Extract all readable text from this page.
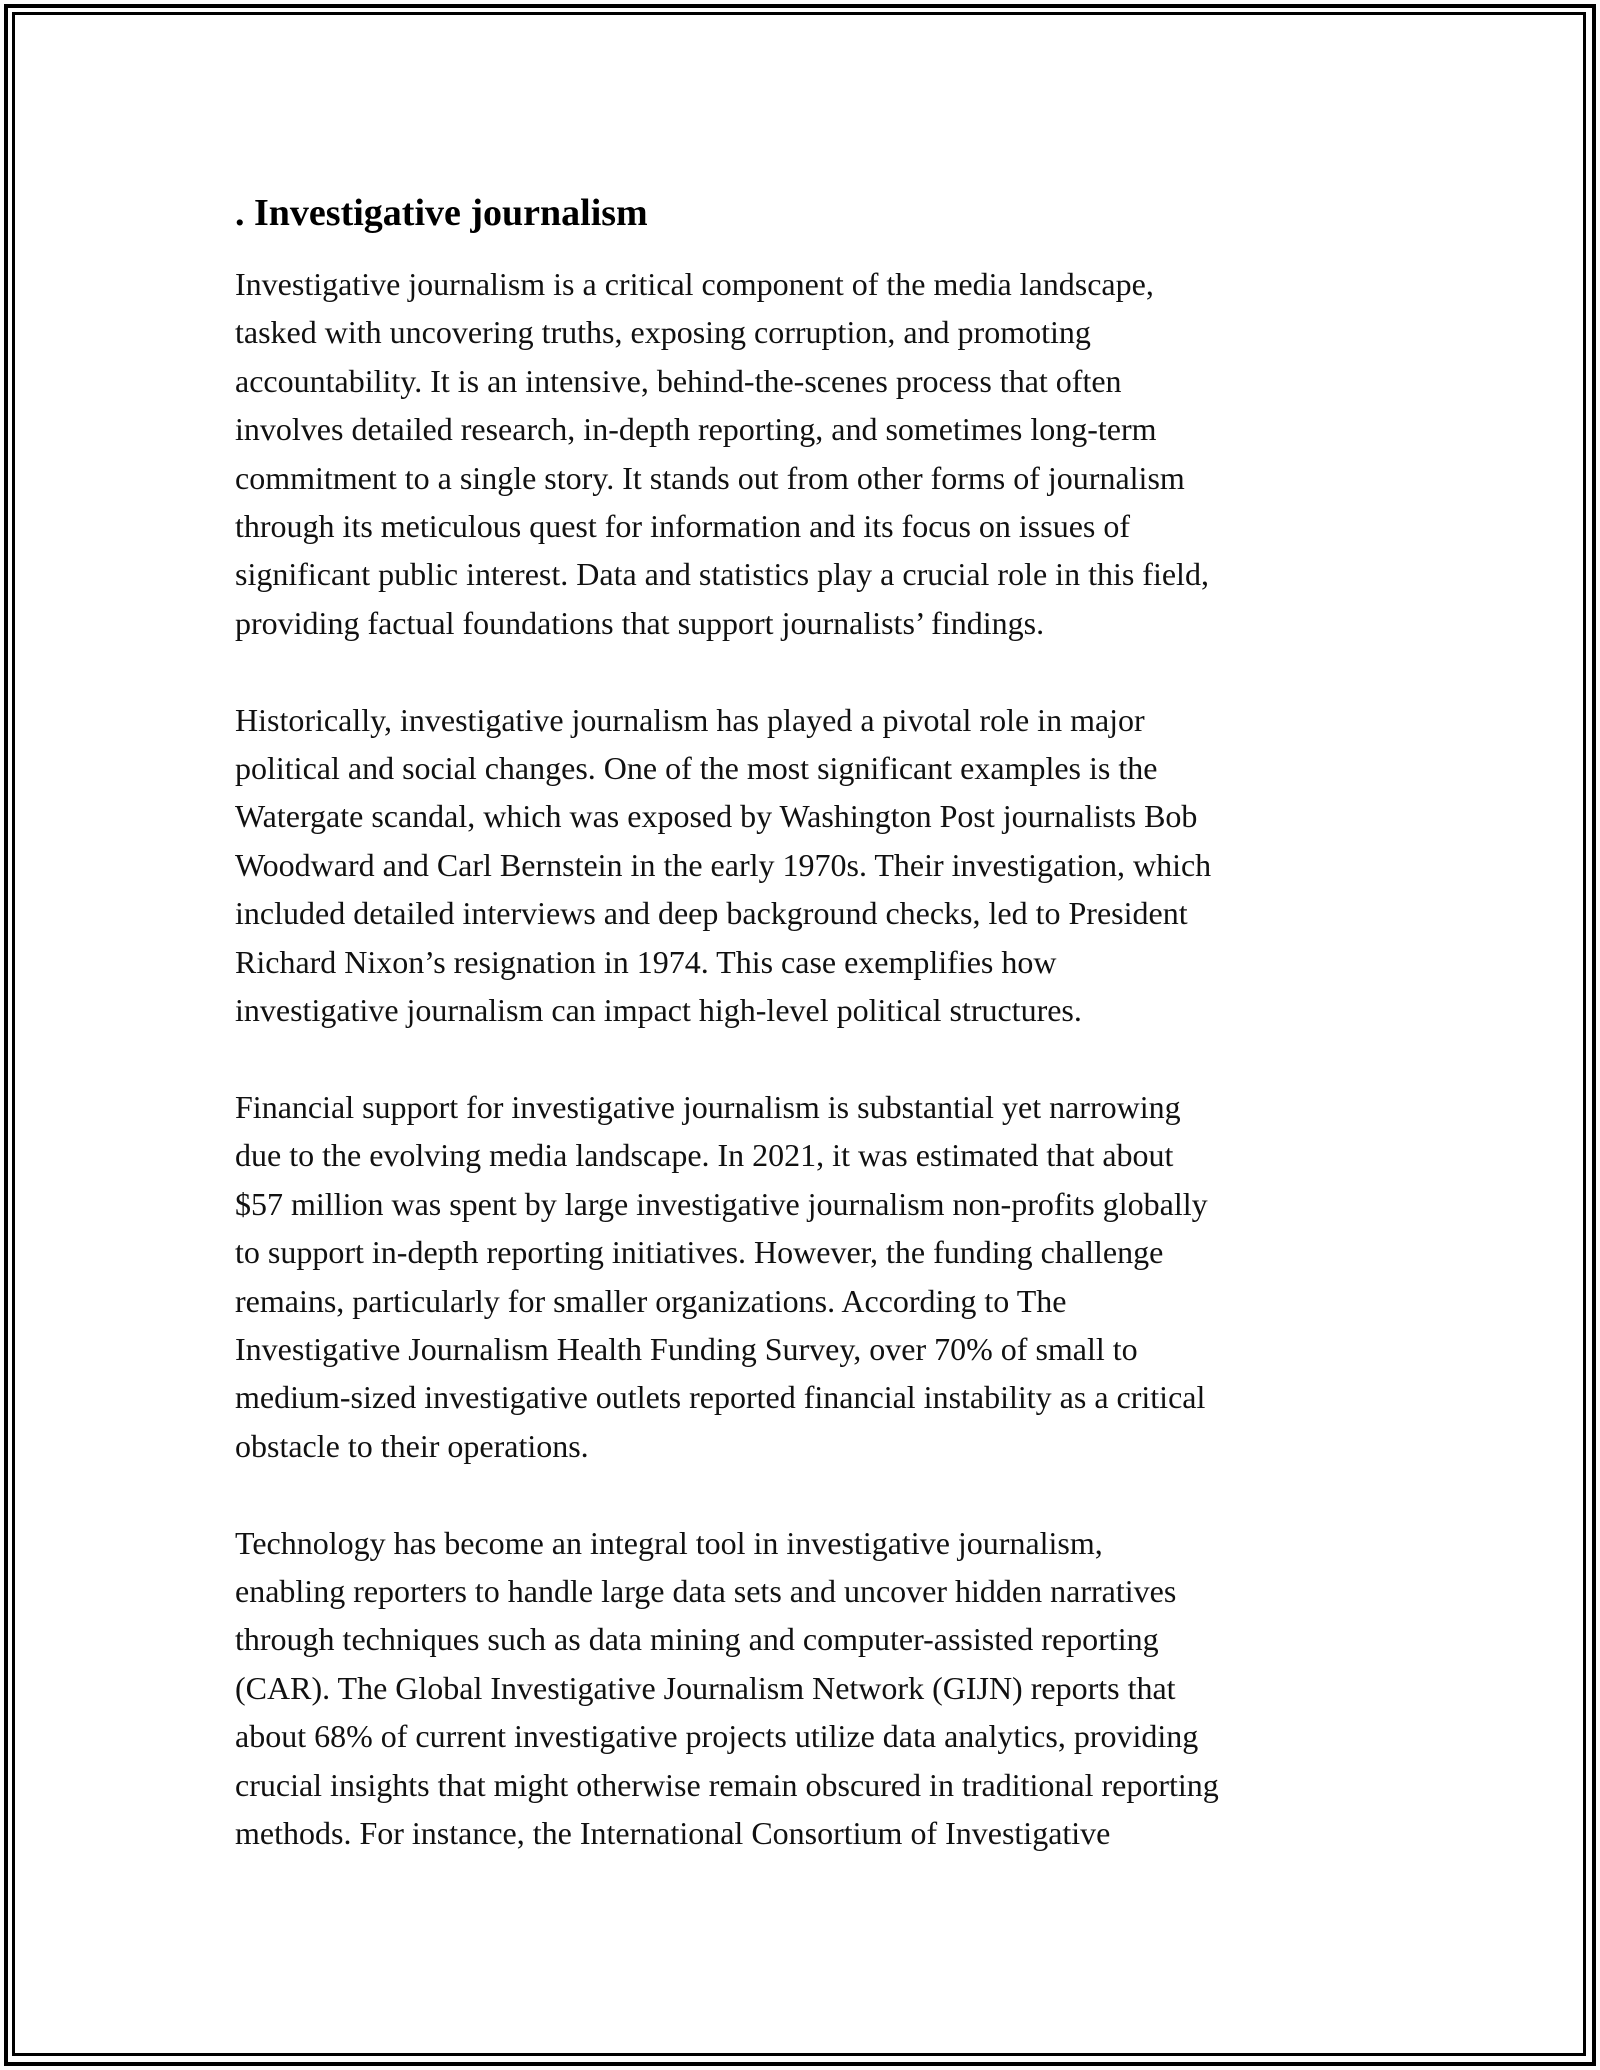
. Investigative journalism

Investigative journalism is a critical component of the media landscape,
tasked with uncovering truths, exposing corruption, and promoting
accountability. It is an intensive, behind-the-scenes process that often
involves detailed research, in-depth reporting, and sometimes long-term
commitment to a single story. It stands out from other forms of journalism
through its meticulous quest for information and its focus on issues of
significant public interest. Data and statistics play a crucial role in this field,
providing factual foundations that support journalists’ findings.

Historically, investigative journalism has played a pivotal role in major
political and social changes. One of the most significant examples is the
Watergate scandal, which was exposed by Washington Post journalists Bob
Woodward and Carl Bernstein in the early 1970s. Their investigation, which
included detailed interviews and deep background checks, led to President
Richard Nixon’s resignation in 1974. This case exemplifies how
investigative journalism can impact high-level political structures.

Financial support for investigative journalism is substantial yet narrowing
due to the evolving media landscape. In 2021, it was estimated that about
$57 million was spent by large investigative journalism non-profits globally
to support in-depth reporting initiatives. However, the funding challenge
remains, particularly for smaller organizations. According to The
Investigative Journalism Health Funding Survey, over 70% of small to
medium-sized investigative outlets reported financial instability as a critical
obstacle to their operations.

Technology has become an integral tool in investigative journalism,
enabling reporters to handle large data sets and uncover hidden narratives
through techniques such as data mining and computer-assisted reporting
(CAR). The Global Investigative Journalism Network (GIJN) reports that
about 68% of current investigative projects utilize data analytics, providing
crucial insights that might otherwise remain obscured in traditional reporting
methods. For instance, the International Consortium of Investigative
